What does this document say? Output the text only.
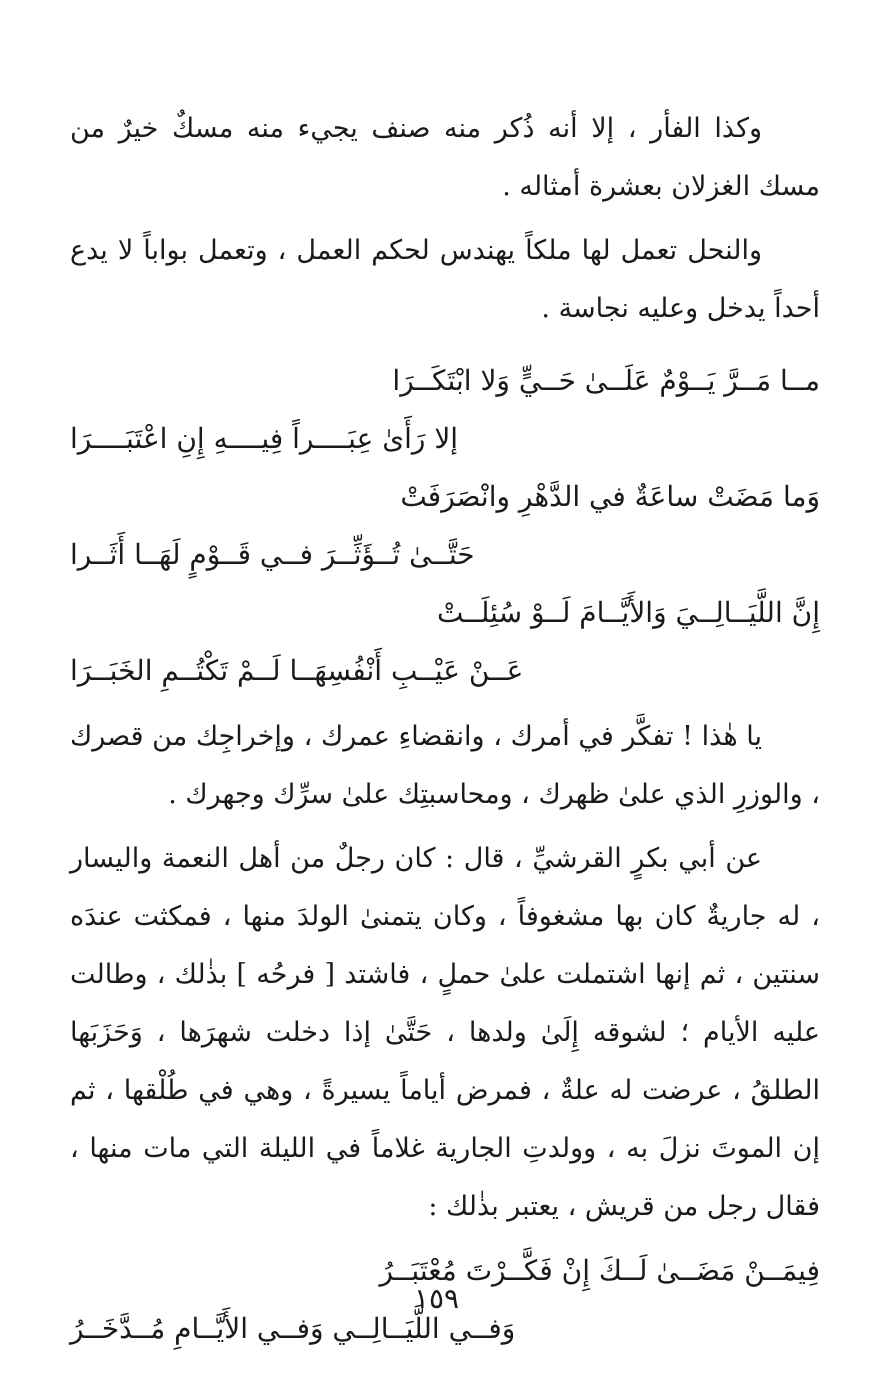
وكذا الفأر ، إلا أنه ذُكر منه صنف يجيء منه مسكٌ خيرٌ من مسك الغزلان بعشرة أمثاله .

والنحل تعمل لها ملكاً يهندس لحكم العمل ، وتعمل بواباً لا يدع أحداً يدخل وعليه نجاسة .

مــا مَــرَّ يَــوْمٌ عَلَــىٰ حَــيٍّ وَلا ابْتَكَــرَا
إلا رَأَىٰ عِبَــــراً فِيــــهِ إِنِ اعْتَبَــــرَا
وَما مَضَتْ ساعَةٌ في الدَّهْرِ وانْصَرَفَتْ
حَتَّــىٰ تُــؤَثِّــرَ فــي قَــوْمٍ لَهَــا أَثَــرا
إِنَّ اللَّيَــالِــيَ وَالأَيَّــامَ لَــوْ سُئِلَــتْ
عَــنْ عَيْــبِ أَنْفُسِهَــا لَــمْ تَكْتُــمِ الخَبَــرَا

يا هٰذا ! تفكَّر في أمرك ، وانقضاءِ عمرك ، وإخراجِك من قصرك ، والوزرِ الذي علىٰ ظهرك ، ومحاسبتِك علىٰ سرِّك وجهرك .

عن أبي بكرٍ القرشيِّ ، قال : كان رجلٌ من أهل النعمة واليسار ، له جاريةٌ كان بها مشغوفاً ، وكان يتمنىٰ الولدَ منها ، فمكثت عندَه سنتين ، ثم إنها اشتملت علىٰ حملٍ ، فاشتد [ فرحُه ] بذٰلك ، وطالت عليه الأيام ؛ لشوقه إِلَىٰ ولدها ، حَتَّىٰ إذا دخلت شهرَها ، وَحَزَبَها الطلقُ ، عرضت له علةٌ ، فمرض أياماً يسيرةً ، وهي في طُلْقها ، ثم إن الموتَ نزلَ به ، وولدتِ الجارية غلاماً في الليلة التي مات منها ، فقال رجل من قريش ، يعتبر بذٰلك :

فِيمَــنْ مَضَــىٰ لَــكَ إِنْ فَكَّــرْتَ مُعْتَبَــرُ
وَفــي اللَّيَــالِــي وَفــي الأَيَّــامِ مُــدَّخَــرُ
١٥٩
